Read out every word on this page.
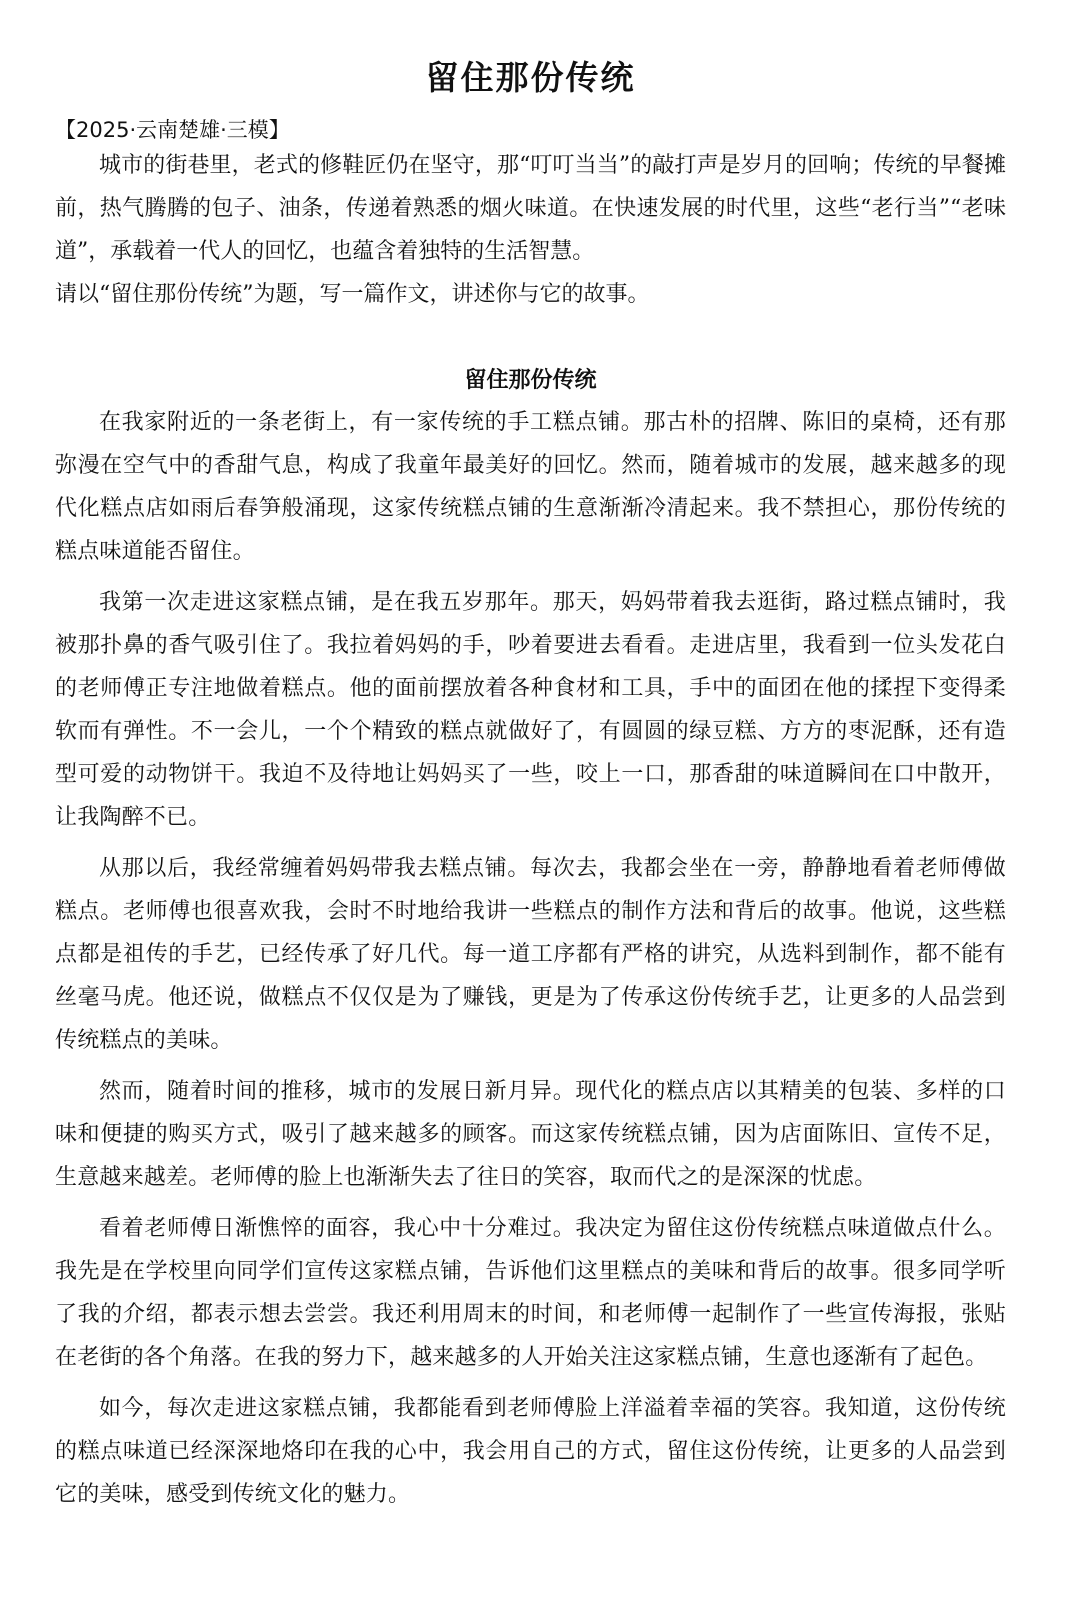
留住那份传统
【2025·云南楚雄·三模】

城市的街巷里，老式的修鞋匠仍在坚守，那“叮叮当当”的敲打声是岁月的回响；传统的早餐摊前，热气腾腾的包子、油条，传递着熟悉的烟火味道。在快速发展的时代里，这些“老行当”“老味道”，承载着一代人的回忆，也蕴含着独特的生活智慧。

请以“留住那份传统”为题，写一篇作文，讲述你与它的故事。

留住那份传统

在我家附近的一条老街上，有一家传统的手工糕点铺。那古朴的招牌、陈旧的桌椅，还有那弥漫在空气中的香甜气息，构成了我童年最美好的回忆。然而，随着城市的发展，越来越多的现代化糕点店如雨后春笋般涌现，这家传统糕点铺的生意渐渐冷清起来。我不禁担心，那份传统的糕点味道能否留住。

我第一次走进这家糕点铺，是在我五岁那年。那天，妈妈带着我去逛街，路过糕点铺时，我被那扑鼻的香气吸引住了。我拉着妈妈的手，吵着要进去看看。走进店里，我看到一位头发花白的老师傅正专注地做着糕点。他的面前摆放着各种食材和工具，手中的面团在他的揉捏下变得柔软而有弹性。不一会儿，一个个精致的糕点就做好了，有圆圆的绿豆糕、方方的枣泥酥，还有造型可爱的动物饼干。我迫不及待地让妈妈买了一些，咬上一口，那香甜的味道瞬间在口中散开，让我陶醉不已。

从那以后，我经常缠着妈妈带我去糕点铺。每次去，我都会坐在一旁，静静地看着老师傅做糕点。老师傅也很喜欢我，会时不时地给我讲一些糕点的制作方法和背后的故事。他说，这些糕点都是祖传的手艺，已经传承了好几代。每一道工序都有严格的讲究，从选料到制作，都不能有丝毫马虎。他还说，做糕点不仅仅是为了赚钱，更是为了传承这份传统手艺，让更多的人品尝到传统糕点的美味。

然而，随着时间的推移，城市的发展日新月异。现代化的糕点店以其精美的包装、多样的口味和便捷的购买方式，吸引了越来越多的顾客。而这家传统糕点铺，因为店面陈旧、宣传不足，生意越来越差。老师傅的脸上也渐渐失去了往日的笑容，取而代之的是深深的忧虑。

看着老师傅日渐憔悴的面容，我心中十分难过。我决定为留住这份传统糕点味道做点什么。我先是在学校里向同学们宣传这家糕点铺，告诉他们这里糕点的美味和背后的故事。很多同学听了我的介绍，都表示想去尝尝。我还利用周末的时间，和老师傅一起制作了一些宣传海报，张贴在老街的各个角落。在我的努力下，越来越多的人开始关注这家糕点铺，生意也逐渐有了起色。

如今，每次走进这家糕点铺，我都能看到老师傅脸上洋溢着幸福的笑容。我知道，这份传统的糕点味道已经深深地烙印在我的心中，我会用自己的方式，留住这份传统，让更多的人品尝到它的美味，感受到传统文化的魅力。
